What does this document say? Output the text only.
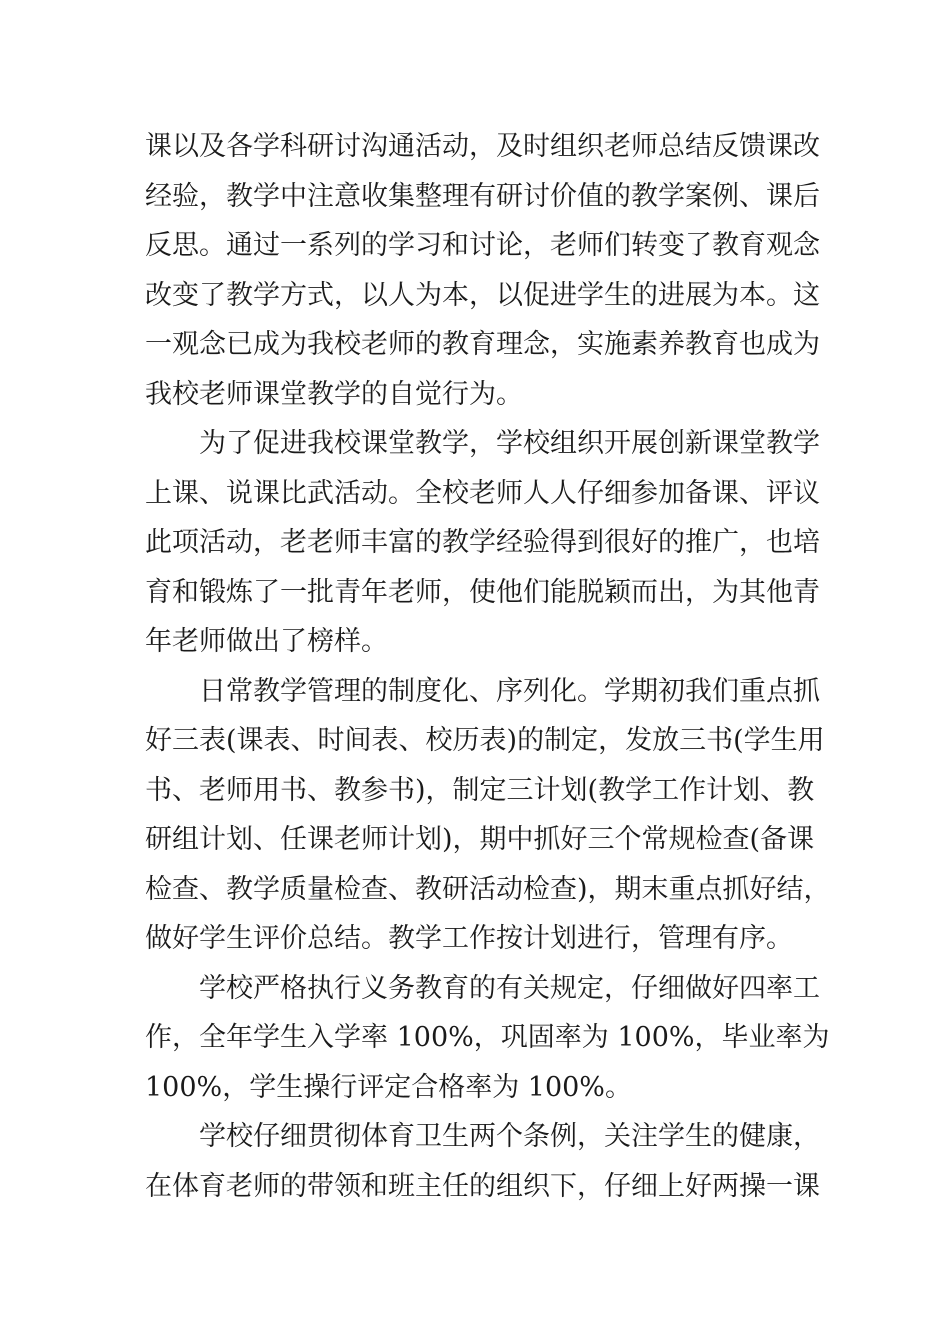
课以及各学科研讨沟通活动，及时组织老师总结反馈课改
经验，教学中注意收集整理有研讨价值的教学案例、课后
反思。通过一系列的学习和讨论，老师们转变了教育观念
改变了教学方式，以人为本，以促进学生的进展为本。这
一观念已成为我校老师的教育理念，实施素养教育也成为
我校老师课堂教学的自觉行为。
为了促进我校课堂教学，学校组织开展创新课堂教学
上课、说课比武活动。全校老师人人仔细参加备课、评议
此项活动，老老师丰富的教学经验得到很好的推广，也培
育和锻炼了一批青年老师，使他们能脱颖而出，为其他青
年老师做出了榜样。
日常教学管理的制度化、序列化。学期初我们重点抓
好三表(课表、时间表、校历表)的制定，发放三书(学生用
书、老师用书、教参书)，制定三计划(教学工作计划、教
研组计划、任课老师计划)，期中抓好三个常规检查(备课
检查、教学质量检查、教研活动检查)，期末重点抓好结，
做好学生评价总结。教学工作按计划进行，管理有序。
学校严格执行义务教育的有关规定，仔细做好四率工
作，全年学生入学率 100%，巩固率为 100%，毕业率为
100%，学生操行评定合格率为 100%。
学校仔细贯彻体育卫生两个条例，关注学生的健康，
在体育老师的带领和班主任的组织下，仔细上好两操一课
